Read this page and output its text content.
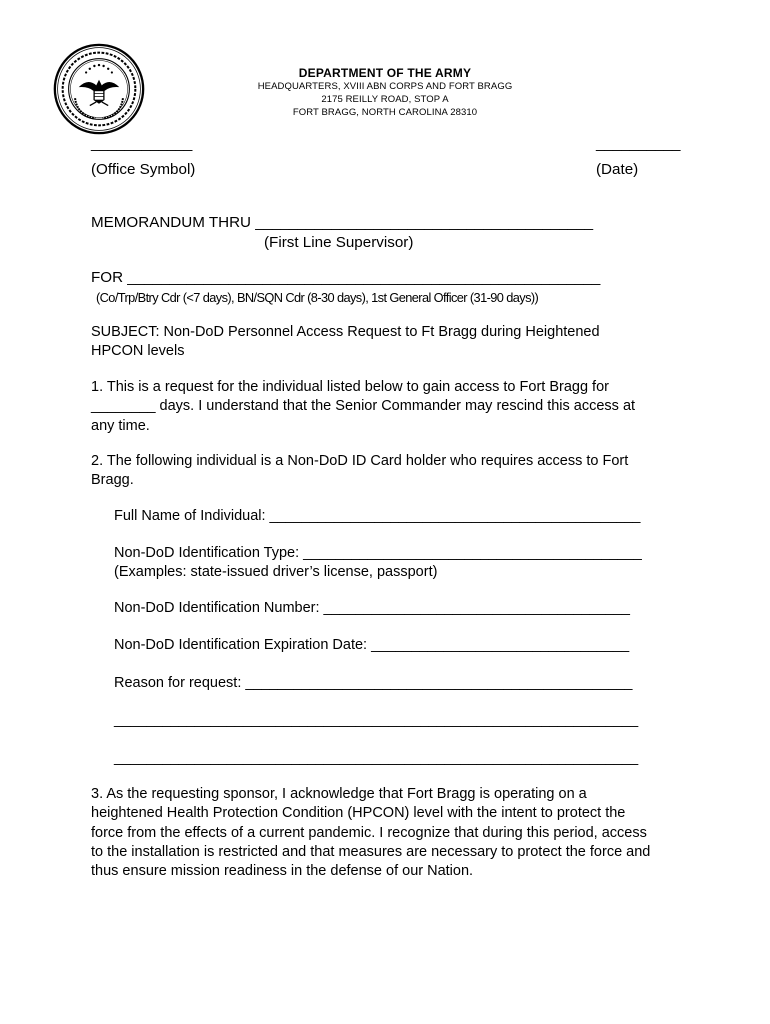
DEPARTMENT OF THE ARMY
HEADQUARTERS, XVIII ABN CORPS AND FORT BRAGG
2175 REILLY ROAD, STOP A
FORT BRAGG, NORTH CAROLINA 28310
____________
(Office Symbol)
__________
(Date)
MEMORANDUM THRU ________________________________________
(First Line Supervisor)
FOR ________________________________________________________
(Co/Trp/Btry Cdr (<7 days), BN/SQN Cdr (8-30 days), 1st General Officer (31-90 days))
SUBJECT: Non-DoD Personnel Access Request to Ft Bragg during Heightened
HPCON levels
1. This is a request for the individual listed below to gain access to Fort Bragg for
________ days. I understand that the Senior Commander may rescind this access at
any time.
2. The following individual is a Non-DoD ID Card holder who requires access to Fort
Bragg.
Full Name of Individual: ______________________________________________
Non-DoD Identification Type: __________________________________________
(Examples: state-issued driver’s license, passport)
Non-DoD Identification Number: ______________________________________
Non-DoD Identification Expiration Date: ________________________________
Reason for request: ________________________________________________
_________________________________________________________________
_________________________________________________________________
3. As the requesting sponsor, I acknowledge that Fort Bragg is operating on a
heightened Health Protection Condition (HPCON) level with the intent to protect the
force from the effects of a current pandemic. I recognize that during this period, access
to the installation is restricted and that measures are necessary to protect the force and
thus ensure mission readiness in the defense of our Nation.
